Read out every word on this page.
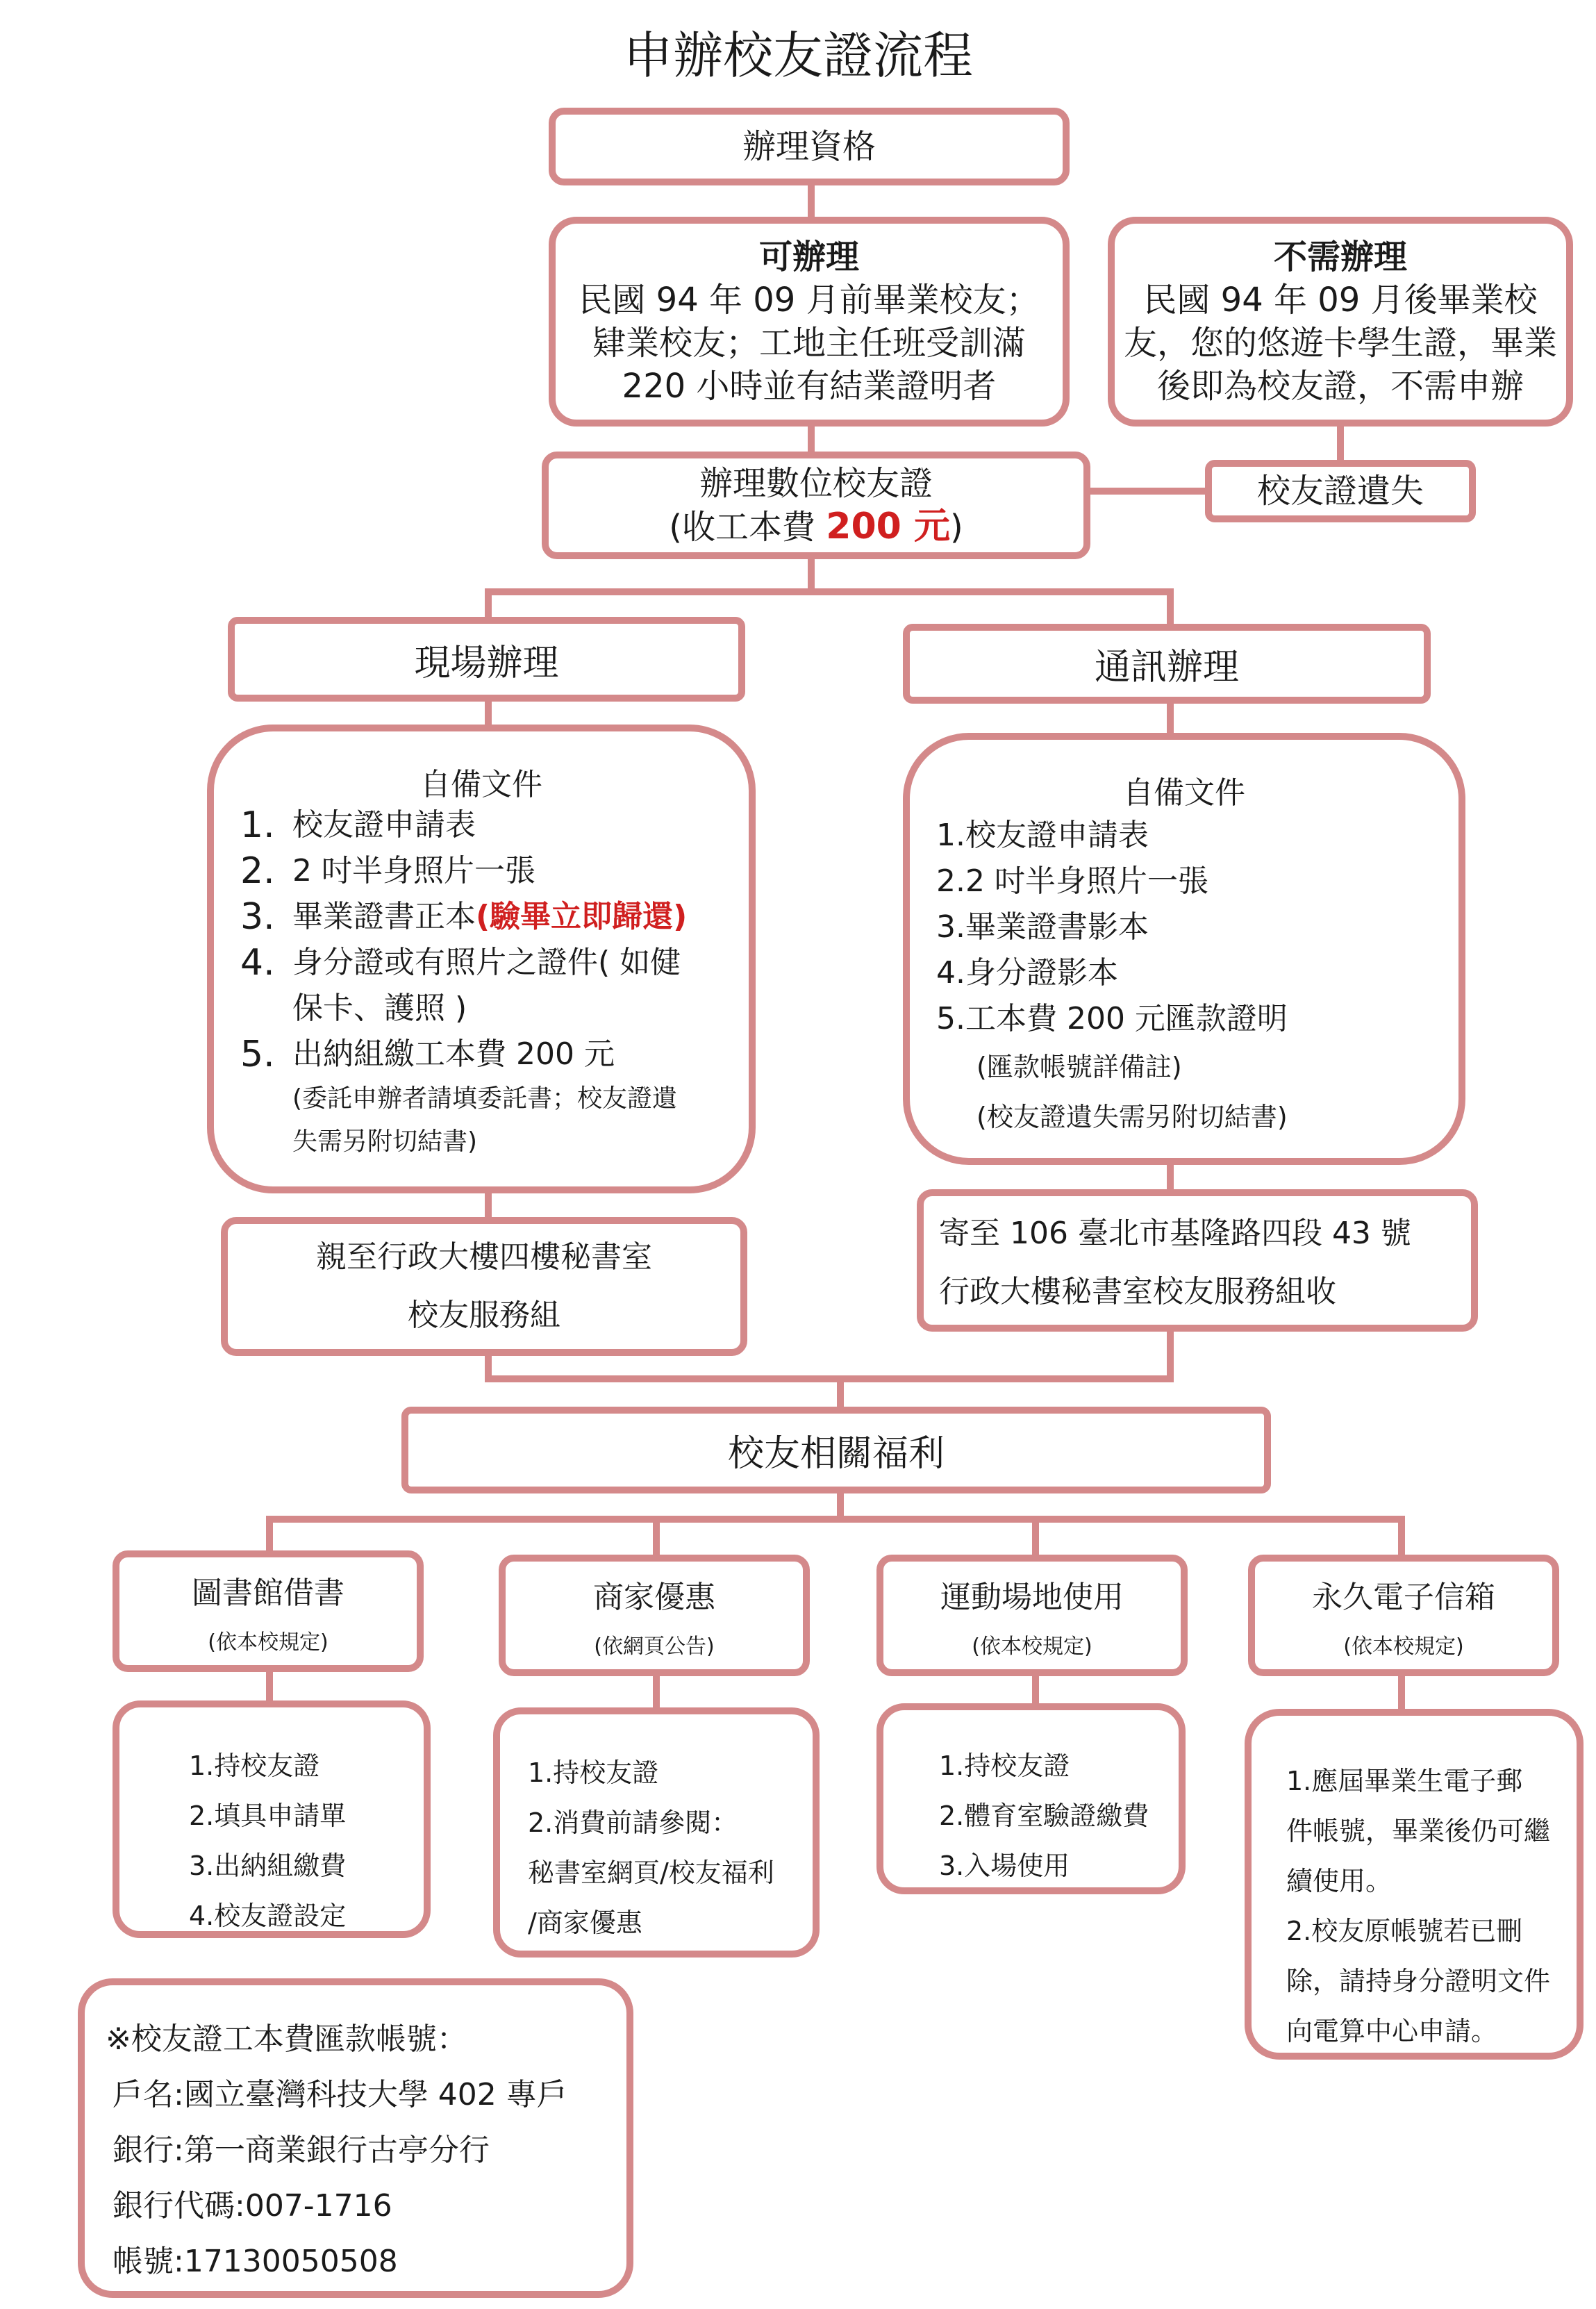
申辦校友證流程
辦理資格
可辦理
民國 94 年 09 月前畢業校友；
肄業校友；工地主任班受訓滿
220 小時並有結業證明者
不需辦理
民國 94 年 09 月後畢業校
友，您的悠遊卡學生證，畢業
後即為校友證，不需申辦
辦理數位校友證
(收工本費 200 元)
校友證遺失
現場辦理	通訊辦理
自備文件
1. 校友證申請表
2. 2 吋半身照片一張
3. 畢業證書正本 (驗畢立即歸還)
4. 身分證或有照片之證件( 如健
保卡、護照 )
5. 出納組繳工本費 200 元
(委託申辦者請填委託書；校友證遺
失需另附切結書)
自備文件
1.校友證申請表
2.2 吋半身照片一張
3.畢業證書影本
4.身分證影本
5.工本費 200 元匯款證明
(匯款帳號詳備註)
(校友證遺失需另附切結書)
親至行政大樓四樓秘書室
校友服務組
寄至 106 臺北市基隆路四段 43 號
行政大樓秘書室校友服務組收
校友相關福利
圖書館借書
(依本校規定)
商家優惠
(依網頁公告)
運動場地使用
(依本校規定)
永久電子信箱
(依本校規定)
1.持校友證
2.填具申請單
3.出納組繳費
4.校友證設定
1.持校友證
2.消費前請參閱：
秘書室網頁/校友福利
/商家優惠
1.持校友證
2.體育室驗證繳費
3.入場使用
1.應屆畢業生電子郵
件帳號，畢業後仍可繼
續使用。
2.校友原帳號若已刪
除，請持身分證明文件
向電算中心申請。
※校友證工本費匯款帳號：
戶名:國立臺灣科技大學 402 專戶
銀行:第一商業銀行古亭分行
銀行代碼:007-1716
帳號:17130050508
